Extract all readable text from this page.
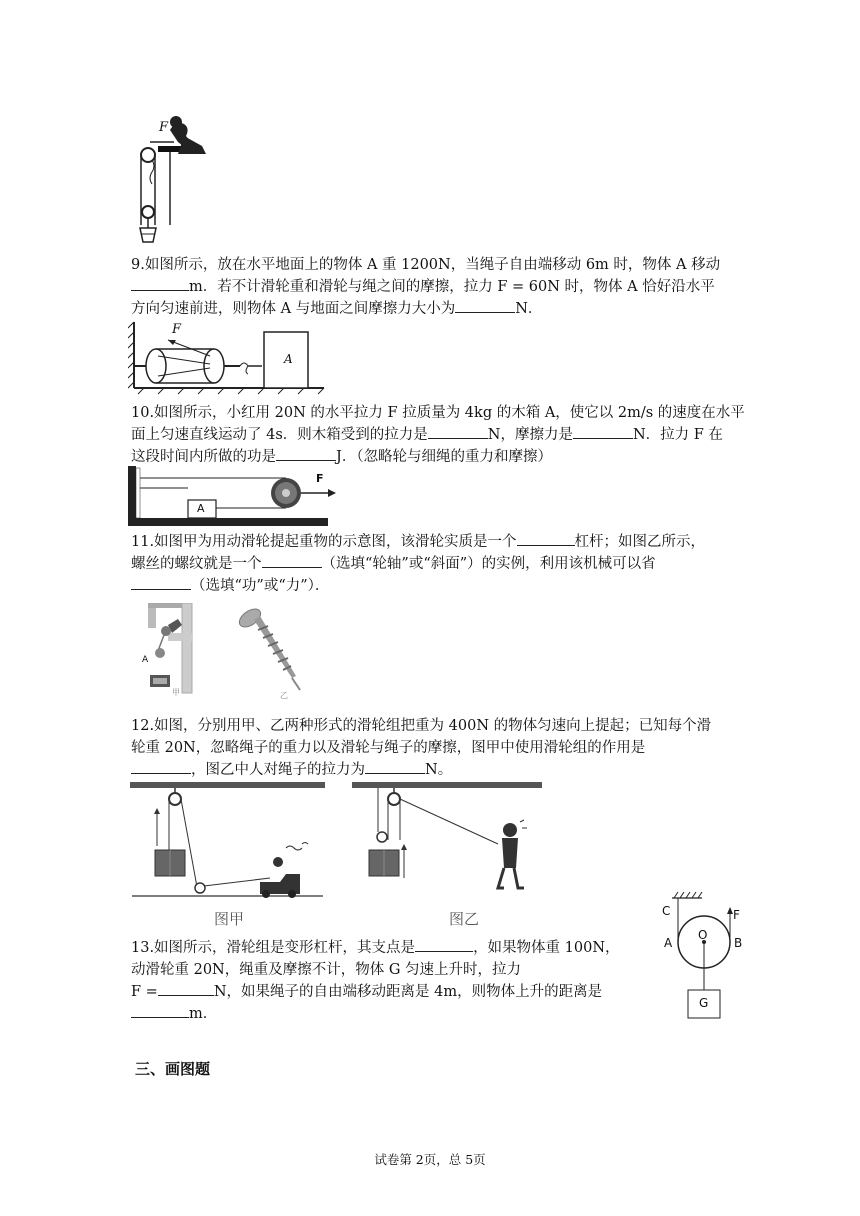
F

9.如图所示，放在水平地面上的物体 A 重 1200N，当绳子自由端移动 6m 时，物体 A 移动

m．若不计滑轮重和滑轮与绳之间的摩擦，拉力 F = 60N 时，物体 A 恰好沿水平

方向匀速前进，则物体 A 与地面之间摩擦力大小为	N．

F
A

10.如图所示，小红用 20N 的水平拉力 F 拉质量为 4kg 的木箱 A，使它以 2m/s 的速度在水平

面上匀速直线运动了 4s．则木箱受到的拉力是	N，摩擦力是	N．拉力 F 在

这段时间内所做的功是	J．（忽略轮与细绳的重力和摩擦）

A
F

11.如图甲为用动滑轮提起重物的示意图，该滑轮实质是一个	杠杆；如图乙所示，

螺丝的螺纹就是一个	（选填“轮轴”或“斜面”）的实例，利用该机械可以省

（选填“功”或“力”）．

A
甲	乙

12.如图，分别用甲、乙两种形式的滑轮组把重为 400N 的物体匀速向上提起；已知每个滑

轮重 20N，忽略绳子的重力以及滑轮与绳子的摩擦，图甲中使用滑轮组的作用是

，图乙中人对绳子的拉力为	N。

图甲	图乙

13.如图所示，滑轮组是变形杠杆，其支点是	，如果物体重 100N，

动滑轮重 20N，绳重及摩擦不计，物体 G 匀速上升时，拉力

F =	N，如果绳子的自由端移动距离是 4m，则物体上升的距离是

m．

C	F
A
O
B
G
三、画图题
试卷第 2页，总 5页
